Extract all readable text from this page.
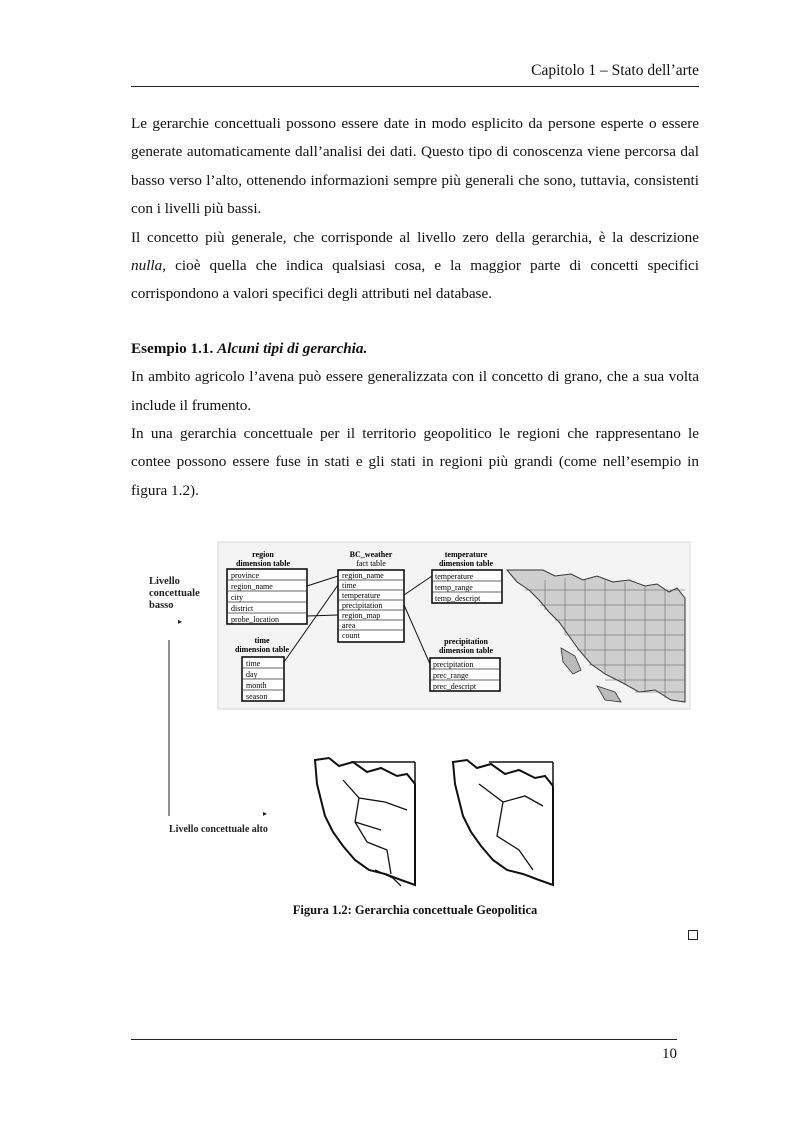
Capitolo 1 – Stato dell’arte

Le gerarchie concettuali possono essere date in modo esplicito da persone esperte o essere generate automaticamente dall’analisi dei dati. Questo tipo di conoscenza viene percorsa dal basso verso l’alto, ottenendo informazioni sempre più generali che sono, tuttavia, consistenti con i livelli più bassi.

Il concetto più generale, che corrisponde al livello zero della gerarchia, è la descrizione nulla, cioè quella che indica qualsiasi cosa, e la maggior parte di concetti specifici corrispondono a valori specifici degli attributi nel database.

Esempio 1.1. Alcuni tipi di gerarchia.

In ambito agricolo l’avena può essere generalizzata con il concetto di grano, che a sua volta include il frumento.

In una gerarchia concettuale per il territorio geopolitico le regioni che rappresentano le contee possono essere fuse in stati e gli stati in regioni più grandi (come nell’esempio in figura 1.2).

Livello
concettuale
basso
▸
▸
Livello concettuale alto
region
dimension table
province
region_name
city
district
probe_location
BC_weather
fact table
region_name
time
temperature
precipitation
region_map
area
count
temperature
dimension table
temperature
temp_range
temp_descript
time
dimension table
time
day
month
season
precipitation
dimension table
precipitation
prec_range
prec_descript
Figura 1.2: Gerarchia concettuale Geopolitica
10
